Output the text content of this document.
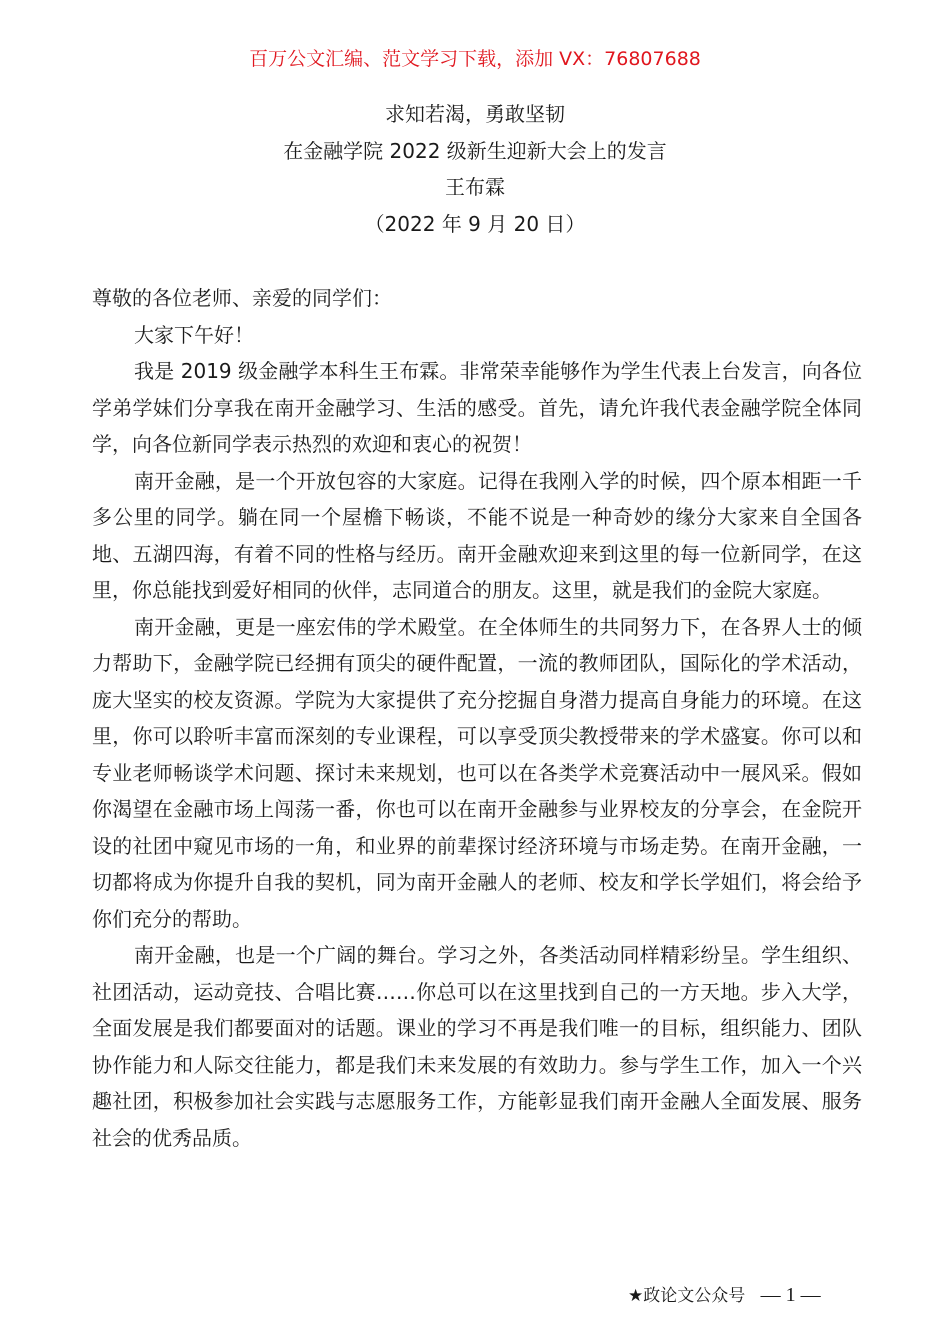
百万公文汇编、范文学习下载，添加 VX：76807688
求知若渴，勇敢坚韧
在金融学院 2022 级新生迎新大会上的发言
王布霖
（2022 年 9 月 20 日）

尊敬的各位老师、亲爱的同学们：

大家下午好！

我是 2019 级金融学本科生王布霖。非常荣幸能够作为学生代表上台发言，向各位学弟学妹们分享我在南开金融学习、生活的感受。首先，请允许我代表金融学院全体同学，向各位新同学表示热烈的欢迎和衷心的祝贺！

南开金融，是一个开放包容的大家庭。记得在我刚入学的时候，四个原本相距一千多公里的同学。躺在同一个屋檐下畅谈，不能不说是一种奇妙的缘分大家来自全国各地、五湖四海，有着不同的性格与经历。南开金融欢迎来到这里的每一位新同学，在这里，你总能找到爱好相同的伙伴，志同道合的朋友。这里，就是我们的金院大家庭。

南开金融，更是一座宏伟的学术殿堂。在全体师生的共同努力下，在各界人士的倾力帮助下，金融学院已经拥有顶尖的硬件配置，一流的教师团队，国际化的学术活动，庞大坚实的校友资源。学院为大家提供了充分挖掘自身潜力提高自身能力的环境。在这里，你可以聆听丰富而深刻的专业课程，可以享受顶尖教授带来的学术盛宴。你可以和专业老师畅谈学术问题、探讨未来规划，也可以在各类学术竞赛活动中一展风采。假如你渴望在金融市场上闯荡一番，你也可以在南开金融参与业界校友的分享会，在金院开设的社团中窥见市场的一角，和业界的前辈探讨经济环境与市场走势。在南开金融，一切都将成为你提升自我的契机，同为南开金融人的老师、校友和学长学姐们，将会给予你们充分的帮助。

南开金融，也是一个广阔的舞台。学习之外，各类活动同样精彩纷呈。学生组织、社团活动，运动竞技、合唱比赛……你总可以在这里找到自己的一方天地。步入大学，全面发展是我们都要面对的话题。课业的学习不再是我们唯一的目标，组织能力、团队协作能力和人际交往能力，都是我们未来发展的有效助力。参与学生工作，加入一个兴趣社团，积极参加社会实践与志愿服务工作，方能彰显我们南开金融人全面发展、服务社会的优秀品质。

★政论文公众号 — 1 —
